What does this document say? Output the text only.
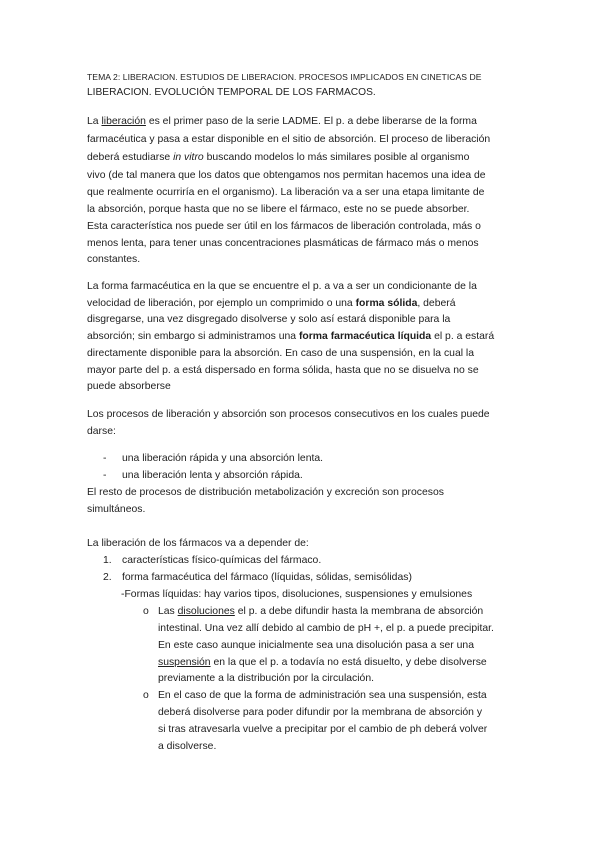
TEMA 2: LIBERACION. ESTUDIOS DE LIBERACION. PROCESOS IMPLICADOS EN CINETICAS DE
LIBERACION. EVOLUCIÓN TEMPORAL DE LOS FARMACOS.
La liberación es el primer paso de la serie LADME. El p. a debe liberarse de la forma
farmacéutica y pasa a estar disponible en el sitio de absorción. El proceso de liberación
deberá estudiarse in vitro buscando modelos lo más similares posible al organismo
vivo (de tal manera que los datos que obtengamos nos permitan hacemos una idea de
que realmente ocurriría en el organismo). La liberación va a ser una etapa limitante de
la absorción, porque hasta que no se libere el fármaco, este no se puede absorber.
Esta característica nos puede ser útil en los fármacos de liberación controlada, más o
menos lenta, para tener unas concentraciones plasmáticas de fármaco más o menos
constantes.
La forma farmacéutica en la que se encuentre el p. a va a ser un condicionante de la
velocidad de liberación, por ejemplo un comprimido o una forma sólida, deberá
disgregarse, una vez disgregado disolverse y solo así estará disponible para la
absorción; sin embargo si administramos una forma farmacéutica líquida el p. a estará
directamente disponible para la absorción. En caso de una suspensión, en la cual la
mayor parte del p. a está dispersado en forma sólida, hasta que no se disuelva no se
puede absorberse
Los procesos de liberación y absorción son procesos consecutivos en los cuales puede
darse:
- una liberación rápida y una absorción lenta.
- una liberación lenta y absorción rápida.
El resto de procesos de distribución metabolización y excreción son procesos
simultáneos.
La liberación de los fármacos va a depender de:
1. características físico-químicas del fármaco.
2. forma farmacéutica del fármaco (líquidas, sólidas, semisólidas)
-Formas líquidas: hay varios tipos, disoluciones, suspensiones y emulsiones
o Las disoluciones el p. a debe difundir hasta la membrana de absorción
intestinal. Una vez allí debido al cambio de pH +, el p. a puede precipitar.
En este caso aunque inicialmente sea una disolución pasa a ser una
suspensión en la que el p. a todavía no está disuelto, y debe disolverse
previamente a la distribución por la circulación.
o En el caso de que la forma de administración sea una suspensión, esta
deberá disolverse para poder difundir por la membrana de absorción y
si tras atravesarla vuelve a precipitar por el cambio de ph deberá volver
a disolverse.
